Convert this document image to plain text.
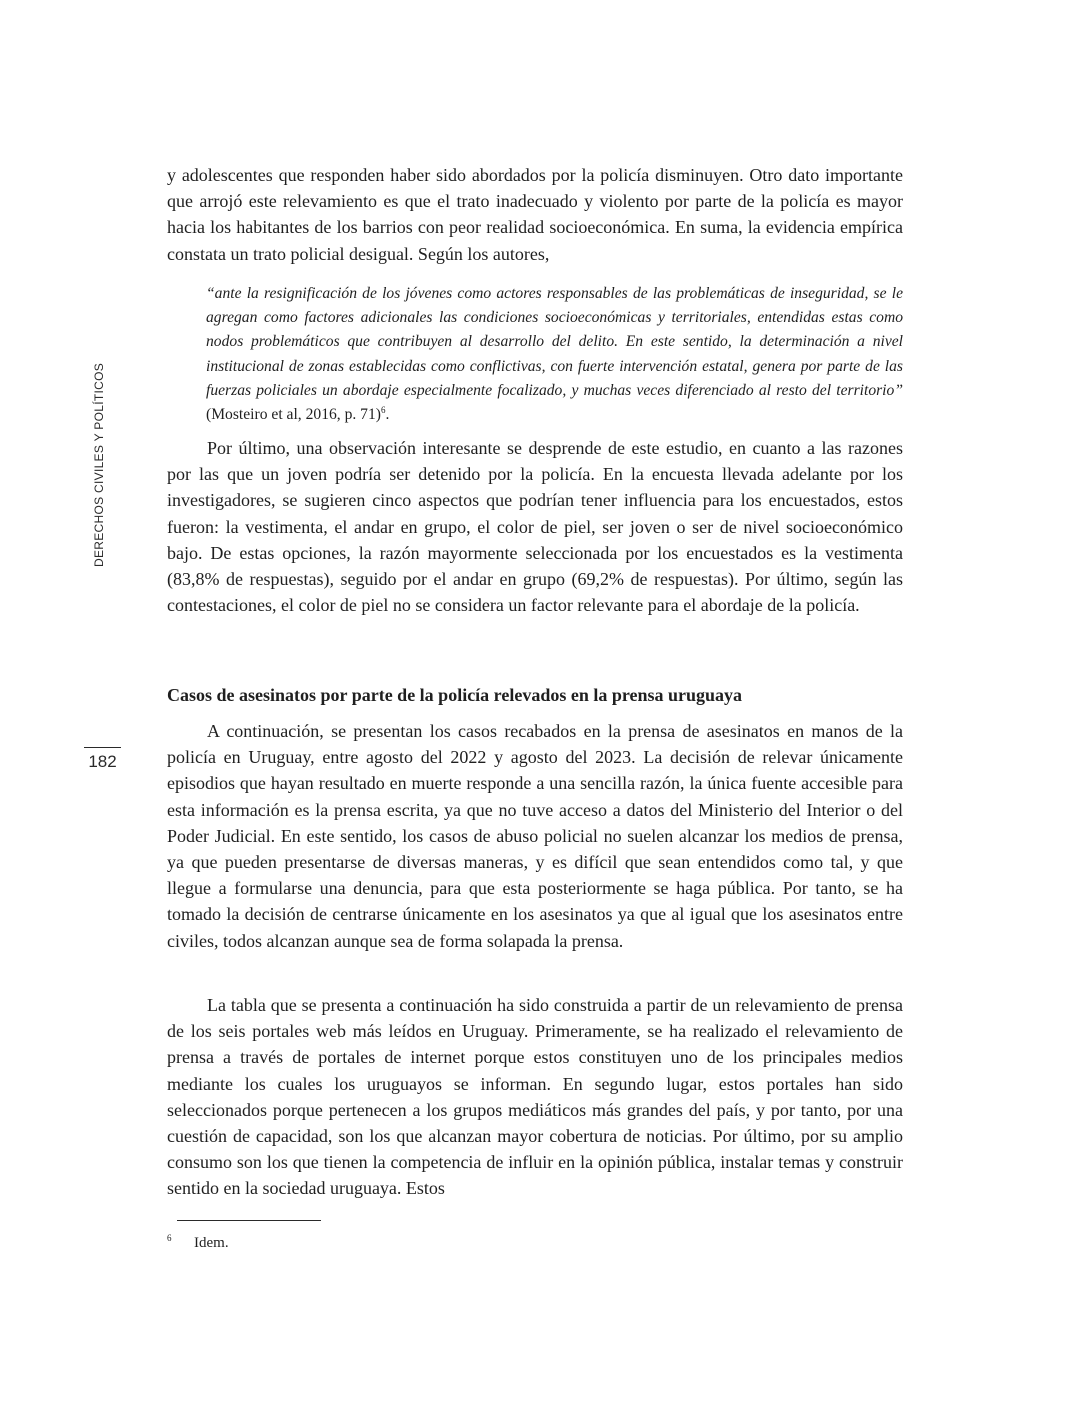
DERECHOS CIVILES Y POLÍTICOS
182

y adolescentes que responden haber sido abordados por la policía disminuyen. Otro dato importante que arrojó este relevamiento es que el trato inadecuado y violento por parte de la policía es mayor hacia los habitantes de los barrios con peor realidad socioeconómica. En suma, la evidencia empírica constata un trato policial desigual. Según los autores,

“ante la resignificación de los jóvenes como actores responsables de las problemáticas de inseguridad, se le agregan como factores adicionales las condiciones socioeconómicas y territoriales, entendidas estas como nodos problemáticos que contribuyen al desarrollo del delito. En este sentido, la determinación a nivel institucional de zonas establecidas como conflictivas, con fuerte intervención estatal, genera por parte de las fuerzas policiales un abordaje especialmente focalizado, y muchas veces diferenciado al resto del territorio” (Mosteiro et al, 2016, p. 71)$^6$.

Por último, una observación interesante se desprende de este estudio, en cuanto a las razones por las que un joven podría ser detenido por la policía. En la encuesta llevada adelante por los investigadores, se sugieren cinco aspectos que podrían tener influencia para los encuestados, estos fueron: la vestimenta, el andar en grupo, el color de piel, ser joven o ser de nivel socioeconómico bajo. De estas opciones, la razón mayormente seleccionada por los encuestados es la vestimenta (83,8% de respuestas), seguido por el andar en grupo (69,2% de respuestas). Por último, según las contestaciones, el color de piel no se considera un factor relevante para el abordaje de la policía.

Casos de asesinatos por parte de la policía relevados en la prensa uruguaya

A continuación, se presentan los casos recabados en la prensa de asesinatos en manos de la policía en Uruguay, entre agosto del 2022 y agosto del 2023. La decisión de relevar únicamente episodios que hayan resultado en muerte responde a una sencilla razón, la única fuente accesible para esta información es la prensa escrita, ya que no tuve acceso a datos del Ministerio del Interior o del Poder Judicial. En este sentido, los casos de abuso policial no suelen alcanzar los medios de prensa, ya que pueden presentarse de diversas maneras, y es difícil que sean entendidos como tal, y que llegue a formularse una denuncia, para que esta posteriormente se haga pública. Por tanto, se ha tomado la decisión de centrarse únicamente en los asesinatos ya que al igual que los asesinatos entre civiles, todos alcanzan aunque sea de forma solapada la prensa.

La tabla que se presenta a continuación ha sido construida a partir de un relevamiento de prensa de los seis portales web más leídos en Uruguay. Primeramente, se ha realizado el relevamiento de prensa a través de portales de internet porque estos constituyen uno de los principales medios mediante los cuales los uruguayos se informan. En segundo lugar, estos portales han sido seleccionados porque pertenecen a los grupos mediáticos más grandes del país, y por tanto, por una cuestión de capacidad, son los que alcanzan mayor cobertura de noticias. Por último, por su amplio consumo son los que tienen la competencia de influir en la opinión pública, instalar temas y construir sentido en la sociedad uruguaya. Estos

6 Idem.
